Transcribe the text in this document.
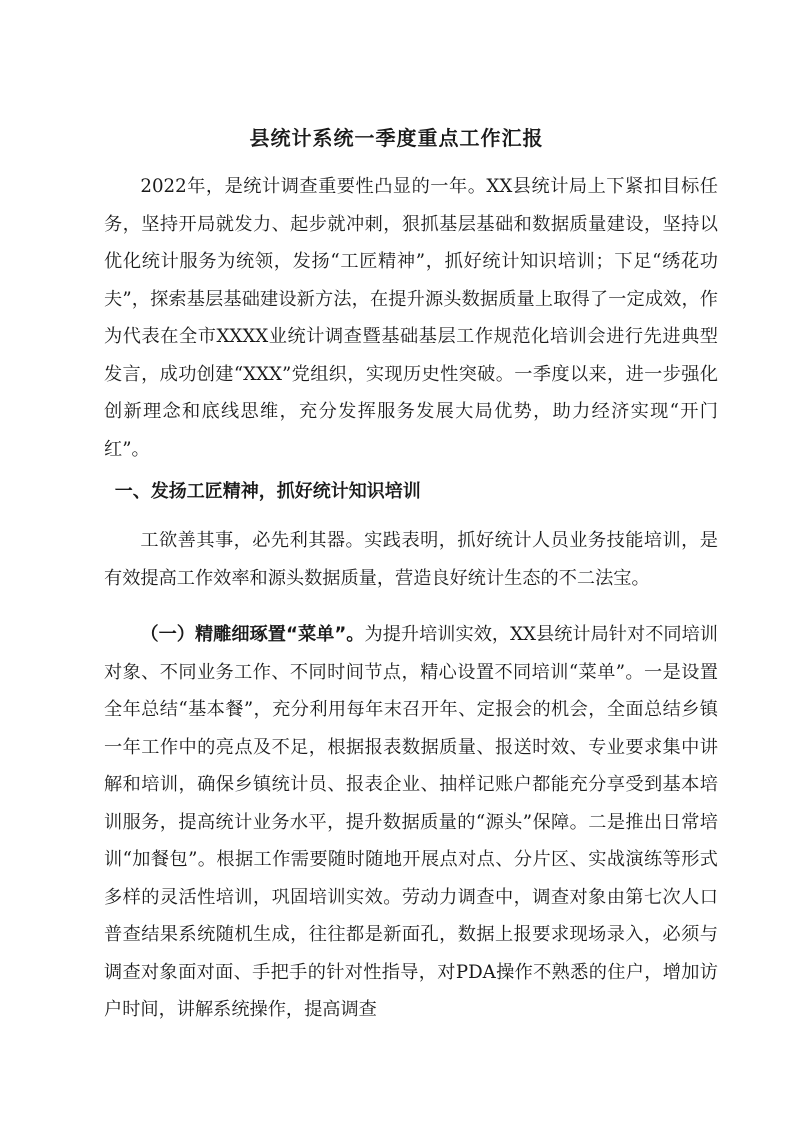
县统计系统一季度重点工作汇报

2022年，是统计调查重要性凸显的一年。XX县统计局上下紧扣目标任务，坚持开局就发力、起步就冲刺，狠抓基层基础和数据质量建设，坚持以优化统计服务为统领，发扬“工匠精神”，抓好统计知识培训；下足“绣花功夫”，探索基层基础建设新方法，在提升源头数据质量上取得了一定成效，作为代表在全市XXXX业统计调查暨基础基层工作规范化培训会进行先进典型发言，成功创建“XXX”党组织，实现历史性突破。一季度以来，进一步强化创新理念和底线思维，充分发挥服务发展大局优势，助力经济实现“开门红”。

一、发扬工匠精神，抓好统计知识培训

工欲善其事，必先利其器。实践表明，抓好统计人员业务技能培训，是有效提高工作效率和源头数据质量，营造良好统计生态的不二法宝。

（一）精雕细琢置“菜单”。为提升培训实效，XX县统计局针对不同培训对象、不同业务工作、不同时间节点，精心设置不同培训“菜单”。一是设置全年总结“基本餐”，充分利用每年末召开年、定报会的机会，全面总结乡镇一年工作中的亮点及不足，根据报表数据质量、报送时效、专业要求集中讲解和培训，确保乡镇统计员、报表企业、抽样记账户都能充分享受到基本培训服务，提高统计业务水平，提升数据质量的“源头”保障。二是推出日常培训“加餐包”。根据工作需要随时随地开展点对点、分片区、实战演练等形式多样的灵活性培训，巩固培训实效。劳动力调查中，调查对象由第七次人口普查结果系统随机生成，往往都是新面孔，数据上报要求现场录入，必须与调查对象面对面、手把手的针对性指导，对PDA操作不熟悉的住户，增加访户时间，讲解系统操作，提高调查
